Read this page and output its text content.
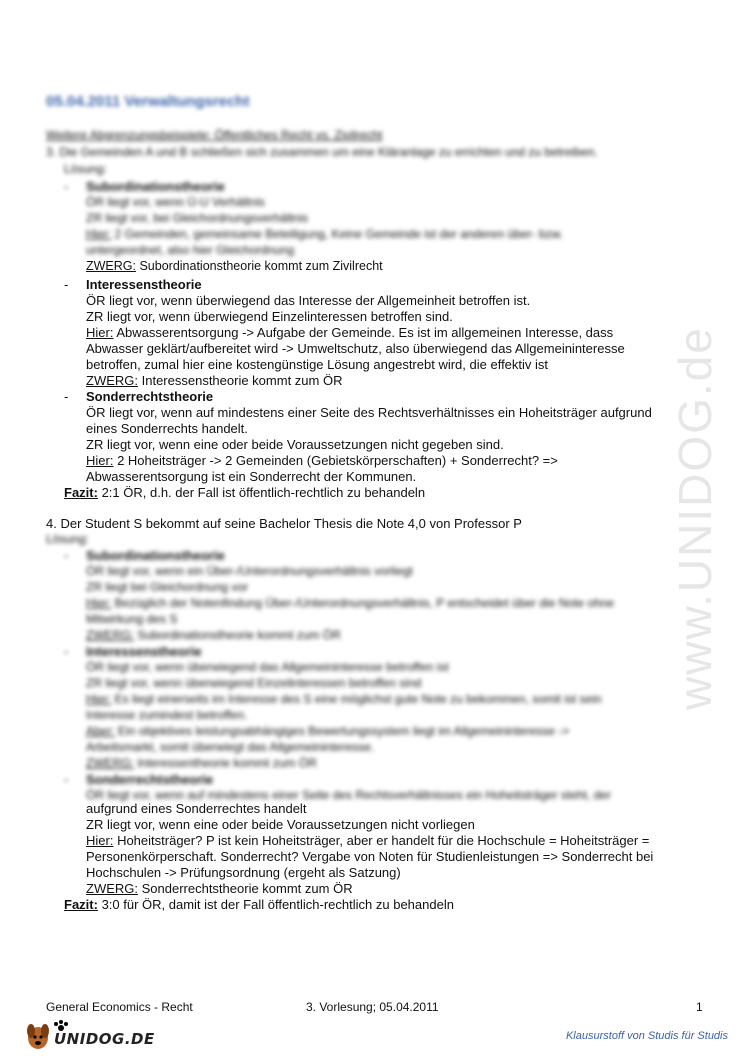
www.UNIDOG.de
05.04.2011 Verwaltungsrecht
Weitere Abgrenzungsbeispiele: Öffentliches Recht vs. Zivilrecht
3. Die Gemeinden A und B schließen sich zusammen um eine Kläranlage zu errichten und zu betreiben.
Lösung:
- Subordinationstheorie
ÖR liegt vor, wenn Ü-U Verhältnis
ZR liegt vor, bei Gleichordnungsverhältnis
Hier: 2 Gemeinden, gemeinsame Beteiligung, Keine Gemeinde ist der anderen über- bzw.
untergeordnet, also hier Gleichordnung
ZWERG: Subordinationstheorie kommt zum Zivilrecht
- Interessenstheorie
ÖR liegt vor, wenn überwiegend das Interesse der Allgemeinheit betroffen ist.
ZR liegt vor, wenn überwiegend Einzelinteressen betroffen sind.
Hier: Abwasserentsorgung -> Aufgabe der Gemeinde. Es ist im allgemeinen Interesse, dass
Abwasser geklärt/aufbereitet wird -> Umweltschutz, also überwiegend das Allgemeininteresse
betroffen, zumal hier eine kostengünstige Lösung angestrebt wird, die effektiv ist
ZWERG: Interessenstheorie kommt zum ÖR
- Sonderrechtstheorie
ÖR liegt vor, wenn auf mindestens einer Seite des Rechtsverhältnisses ein Hoheitsträger aufgrund
eines Sonderrechts handelt.
ZR liegt vor, wenn eine oder beide Voraussetzungen nicht gegeben sind.
Hier: 2 Hoheitsträger -> 2 Gemeinden (Gebietskörperschaften) + Sonderrecht? =>
Abwasserentsorgung ist ein Sonderrecht der Kommunen.
Fazit: 2:1 ÖR, d.h. der Fall ist öffentlich-rechtlich zu behandeln
4. Der Student S bekommt auf seine Bachelor Thesis die Note 4,0 von Professor P
Lösung:
- Subordinationstheorie
ÖR liegt vor, wenn ein Über-/Unterordnungsverhältnis vorliegt
ZR liegt bei Gleichordnung vor
Hier: Bezüglich der Notenfindung Über-/Unterordnungsverhältnis, P entscheidet über die Note ohne
Mitwirkung des S
ZWERG: Subordinationstheorie kommt zum ÖR
- Interessenstheorie
ÖR liegt vor, wenn überwiegend das Allgemeininteresse betroffen ist
ZR liegt vor, wenn überwiegend Einzelinteressen betroffen sind
Hier: Es liegt einerseits im Interesse des S eine möglichst gute Note zu bekommen, somit ist sein
Interesse zumindest betroffen.
Aber: Ein objektives leistungsabhängiges Bewertungssystem liegt im Allgemeininteresse ->
Arbeitsmarkt, somit überwiegt das Allgemeininteresse.
ZWERG: Interessentheorie kommt zum ÖR
- Sonderrechtstheorie
ÖR liegt vor, wenn auf mindestens einer Seite des Rechtsverhältnisses ein Hoheitsträger steht, der
aufgrund eines Sonderrechtes handelt
ZR liegt vor, wenn eine oder beide Voraussetzungen nicht vorliegen
Hier: Hoheitsträger? P ist kein Hoheitsträger, aber er handelt für die Hochschule = Hoheitsträger =
Personenkörperschaft. Sonderrecht? Vergabe von Noten für Studienleistungen => Sonderrecht bei
Hochschulen -> Prüfungsordnung (ergeht als Satzung)
ZWERG: Sonderrechtstheorie kommt zum ÖR
Fazit: 3:0 für ÖR, damit ist der Fall öffentlich-rechtlich zu behandeln
General Economics - Recht	3. Vorlesung; 05.04.2011	1
UNIDOG.DE	Klausurstoff von Studis für Studis
